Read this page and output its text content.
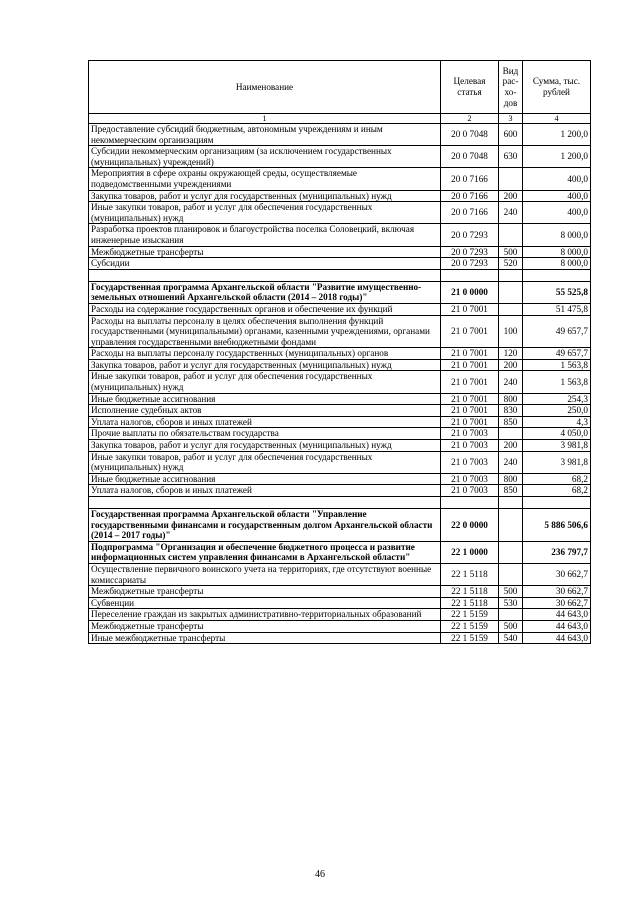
Наименование	Целевая статья	Вид рас-хо-дов	Сумма, тыс. рублей
1	2	3	4
Предоставление субсидий бюджетным, автономным учреждениям и иным некоммерческим организациям	20 0 7048	600	1 200,0
Субсидии некоммерческим организациям (за исключением государственных (муниципальных) учреждений)	20 0 7048	630	1 200,0
Мероприятия в сфере охраны окружающей среды, осуществляемые подведомственными учреждениями	20 0 7166		400,0
Закупка товаров, работ и услуг для государственных (муниципальных) нужд	20 0 7166	200	400,0
Иные закупки товаров, работ и услуг для обеспечения государственных (муниципальных) нужд	20 0 7166	240	400,0
Разработка проектов планировок и благоустройства поселка Соловецкий, включая инженерные изыскания	20 0 7293		8 000,0
Межбюджетные трансферты	20 0 7293	500	8 000,0
Субсидии	20 0 7293	520	8 000,0

Государственная программа Архангельской области "Развитие имущественно-земельных отношений Архангельской области (2014 – 2018 годы)"	21 0 0000		55 525,8
Расходы на содержание государственных органов и обеспечение их функций	21 0 7001		51 475,8
Расходы на выплаты персоналу в целях обеспечения выполнения функций государственными (муниципальными) органами, казенными учреждениями, органами управления государственными внебюджетными фондами	21 0 7001	100	49 657,7
Расходы на выплаты персоналу государственных (муниципальных) органов	21 0 7001	120	49 657,7
Закупка товаров, работ и услуг для государственных (муниципальных) нужд	21 0 7001	200	1 563,8
Иные закупки товаров, работ и услуг для обеспечения государственных (муниципальных) нужд	21 0 7001	240	1 563,8
Иные бюджетные ассигнования	21 0 7001	800	254,3
Исполнение судебных актов	21 0 7001	830	250,0
Уплата налогов, сборов и иных платежей	21 0 7001	850	4,3
Прочие выплаты по обязательствам государства	21 0 7003		4 050,0
Закупка товаров, работ и услуг для государственных (муниципальных) нужд	21 0 7003	200	3 981,8
Иные закупки товаров, работ и услуг для обеспечения государственных (муниципальных) нужд	21 0 7003	240	3 981,8
Иные бюджетные ассигнования	21 0 7003	800	68,2
Уплата налогов, сборов и иных платежей	21 0 7003	850	68,2

Государственная программа Архангельской области "Управление государственными финансами и государственным долгом Архангельской области (2014 – 2017 годы)"	22 0 0000		5 886 506,6
Подпрограмма "Организация и обеспечение бюджетного процесса и развитие информационных систем управления финансами в Архангельской области"	22 1 0000		236 797,7
Осуществление первичного воинского учета на территориях, где отсутствуют военные комиссариаты	22 1 5118		30 662,7
Межбюджетные трансферты	22 1 5118	500	30 662,7
Субвенции	22 1 5118	530	30 662,7
Переселение граждан из закрытых административно-территориальных образований	22 1 5159		44 643,0
Межбюджетные трансферты	22 1 5159	500	44 643,0
Иные межбюджетные трансферты	22 1 5159	540	44 643,0
46
